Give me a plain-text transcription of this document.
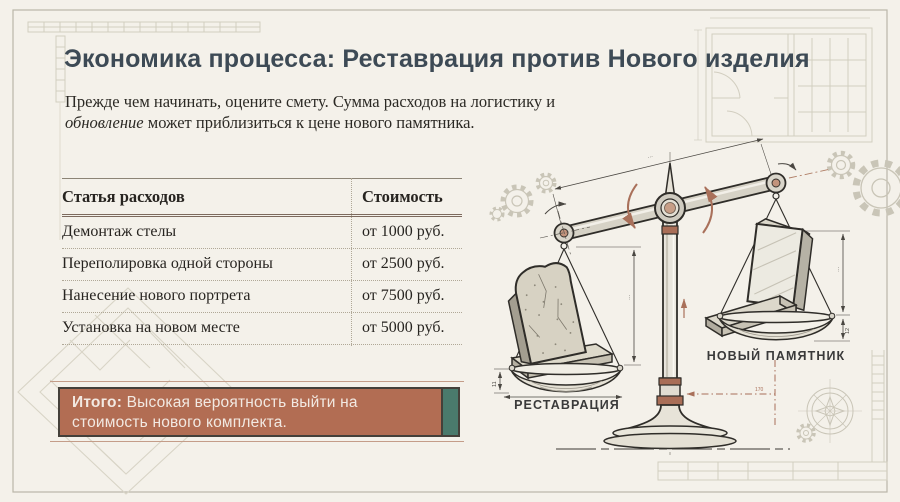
···
···
11
···
12
170
РЕСТАВРАЦИЯ
НОВЫЙ ПАМЯТНИК
Экономика процесса: Реставрация против Нового изделия
Прежде чем начинать, оцените смету. Сумма расходов на логистику и
обновление может приблизиться к цене нового памятника.
Статья расходов	Стоимость
Демонтаж стелы	от 1000 руб.
Переполировка одной стороны	от 2500 руб.
Нанесение нового портрета	от 7500 руб.
Установка на новом месте	от 5000 руб.
Итого: Высокая вероятность выйти на стоимость нового комплекта.
